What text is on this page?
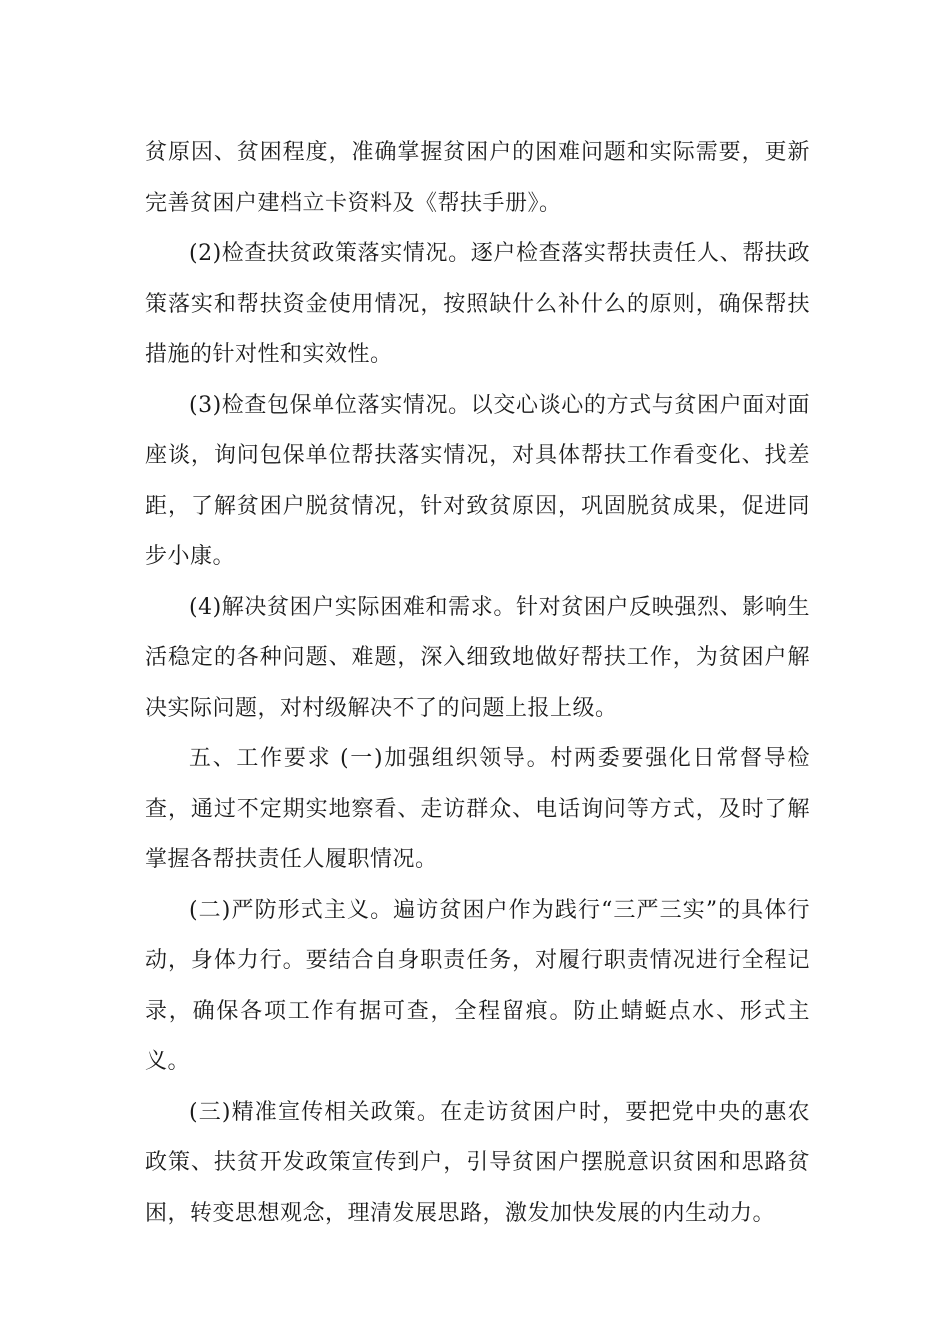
贫原因、贫困程度，准确掌握贫困户的困难问题和实际需要，更新完善贫困户建档立卡资料及《帮扶手册》。

(2)检查扶贫政策落实情况。逐户检查落实帮扶责任人、帮扶政策落实和帮扶资金使用情况，按照缺什么补什么的原则，确保帮扶措施的针对性和实效性。

(3)检查包保单位落实情况。以交心谈心的方式与贫困户面对面座谈，询问包保单位帮扶落实情况，对具体帮扶工作看变化、找差距，了解贫困户脱贫情况，针对致贫原因，巩固脱贫成果，促进同步小康。

(4)解决贫困户实际困难和需求。针对贫困户反映强烈、影响生活稳定的各种问题、难题，深入细致地做好帮扶工作，为贫困户解决实际问题，对村级解决不了的问题上报上级。

五、工作要求 (一)加强组织领导。村两委要强化日常督导检查，通过不定期实地察看、走访群众、电话询问等方式，及时了解掌握各帮扶责任人履职情况。

(二)严防形式主义。遍访贫困户作为践行“三严三实”的具体行动，身体力行。要结合自身职责任务，对履行职责情况进行全程记录，确保各项工作有据可查，全程留痕。防止蜻蜓点水、形式主义。

(三)精准宣传相关政策。在走访贫困户时，要把党中央的惠农政策、扶贫开发政策宣传到户，引导贫困户摆脱意识贫困和思路贫困，转变思想观念，理清发展思路，激发加快发展的内生动力。
